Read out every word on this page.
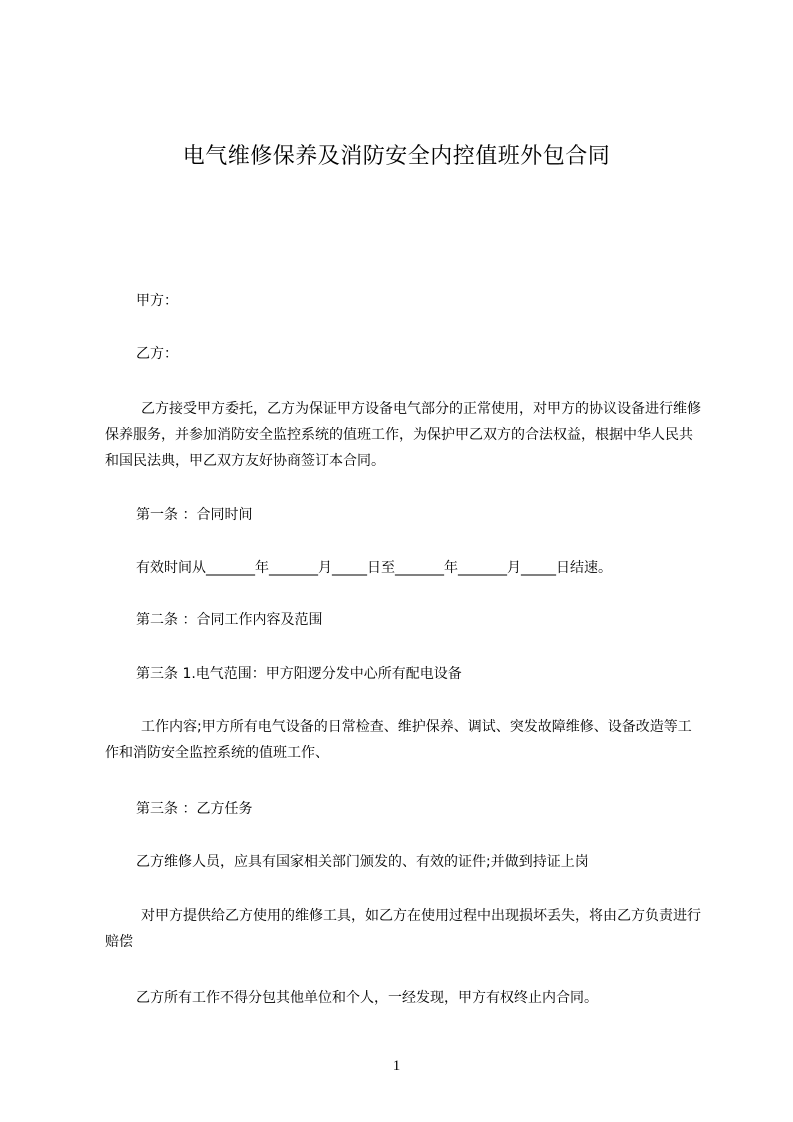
电气维修保养及消防安全内控值班外包合同

甲方：

乙方：

乙方接受甲方委托，乙方为保证甲方设备电气部分的正常使用，对甲方的协议设备进行维修保养服务，并参加消防安全监控系统的值班工作，为保护甲乙双方的合法权益，根据中华人民共和国民法典，甲乙双方友好协商签订本合同。

第一条 ：合同时间

有效时间从_______年_______月_____日至_______年_______月_____日结速。

第二条 ：合同工作内容及范围

第三条 1.电气范围：甲方阳逻分发中心所有配电设备

工作内容;甲方所有电气设备的日常检查、维护保养、调试、突发故障维修、设备改造等工作和消防安全监控系统的值班工作、

第三条 ：乙方任务

乙方维修人员，应具有国家相关部门颁发的、有效的证件;并做到持证上岗

对甲方提供给乙方使用的维修工具，如乙方在使用过程中出现损坏丢失，将由乙方负责进行赔偿

乙方所有工作不得分包其他单位和个人，一经发现，甲方有权终止内合同。

1
